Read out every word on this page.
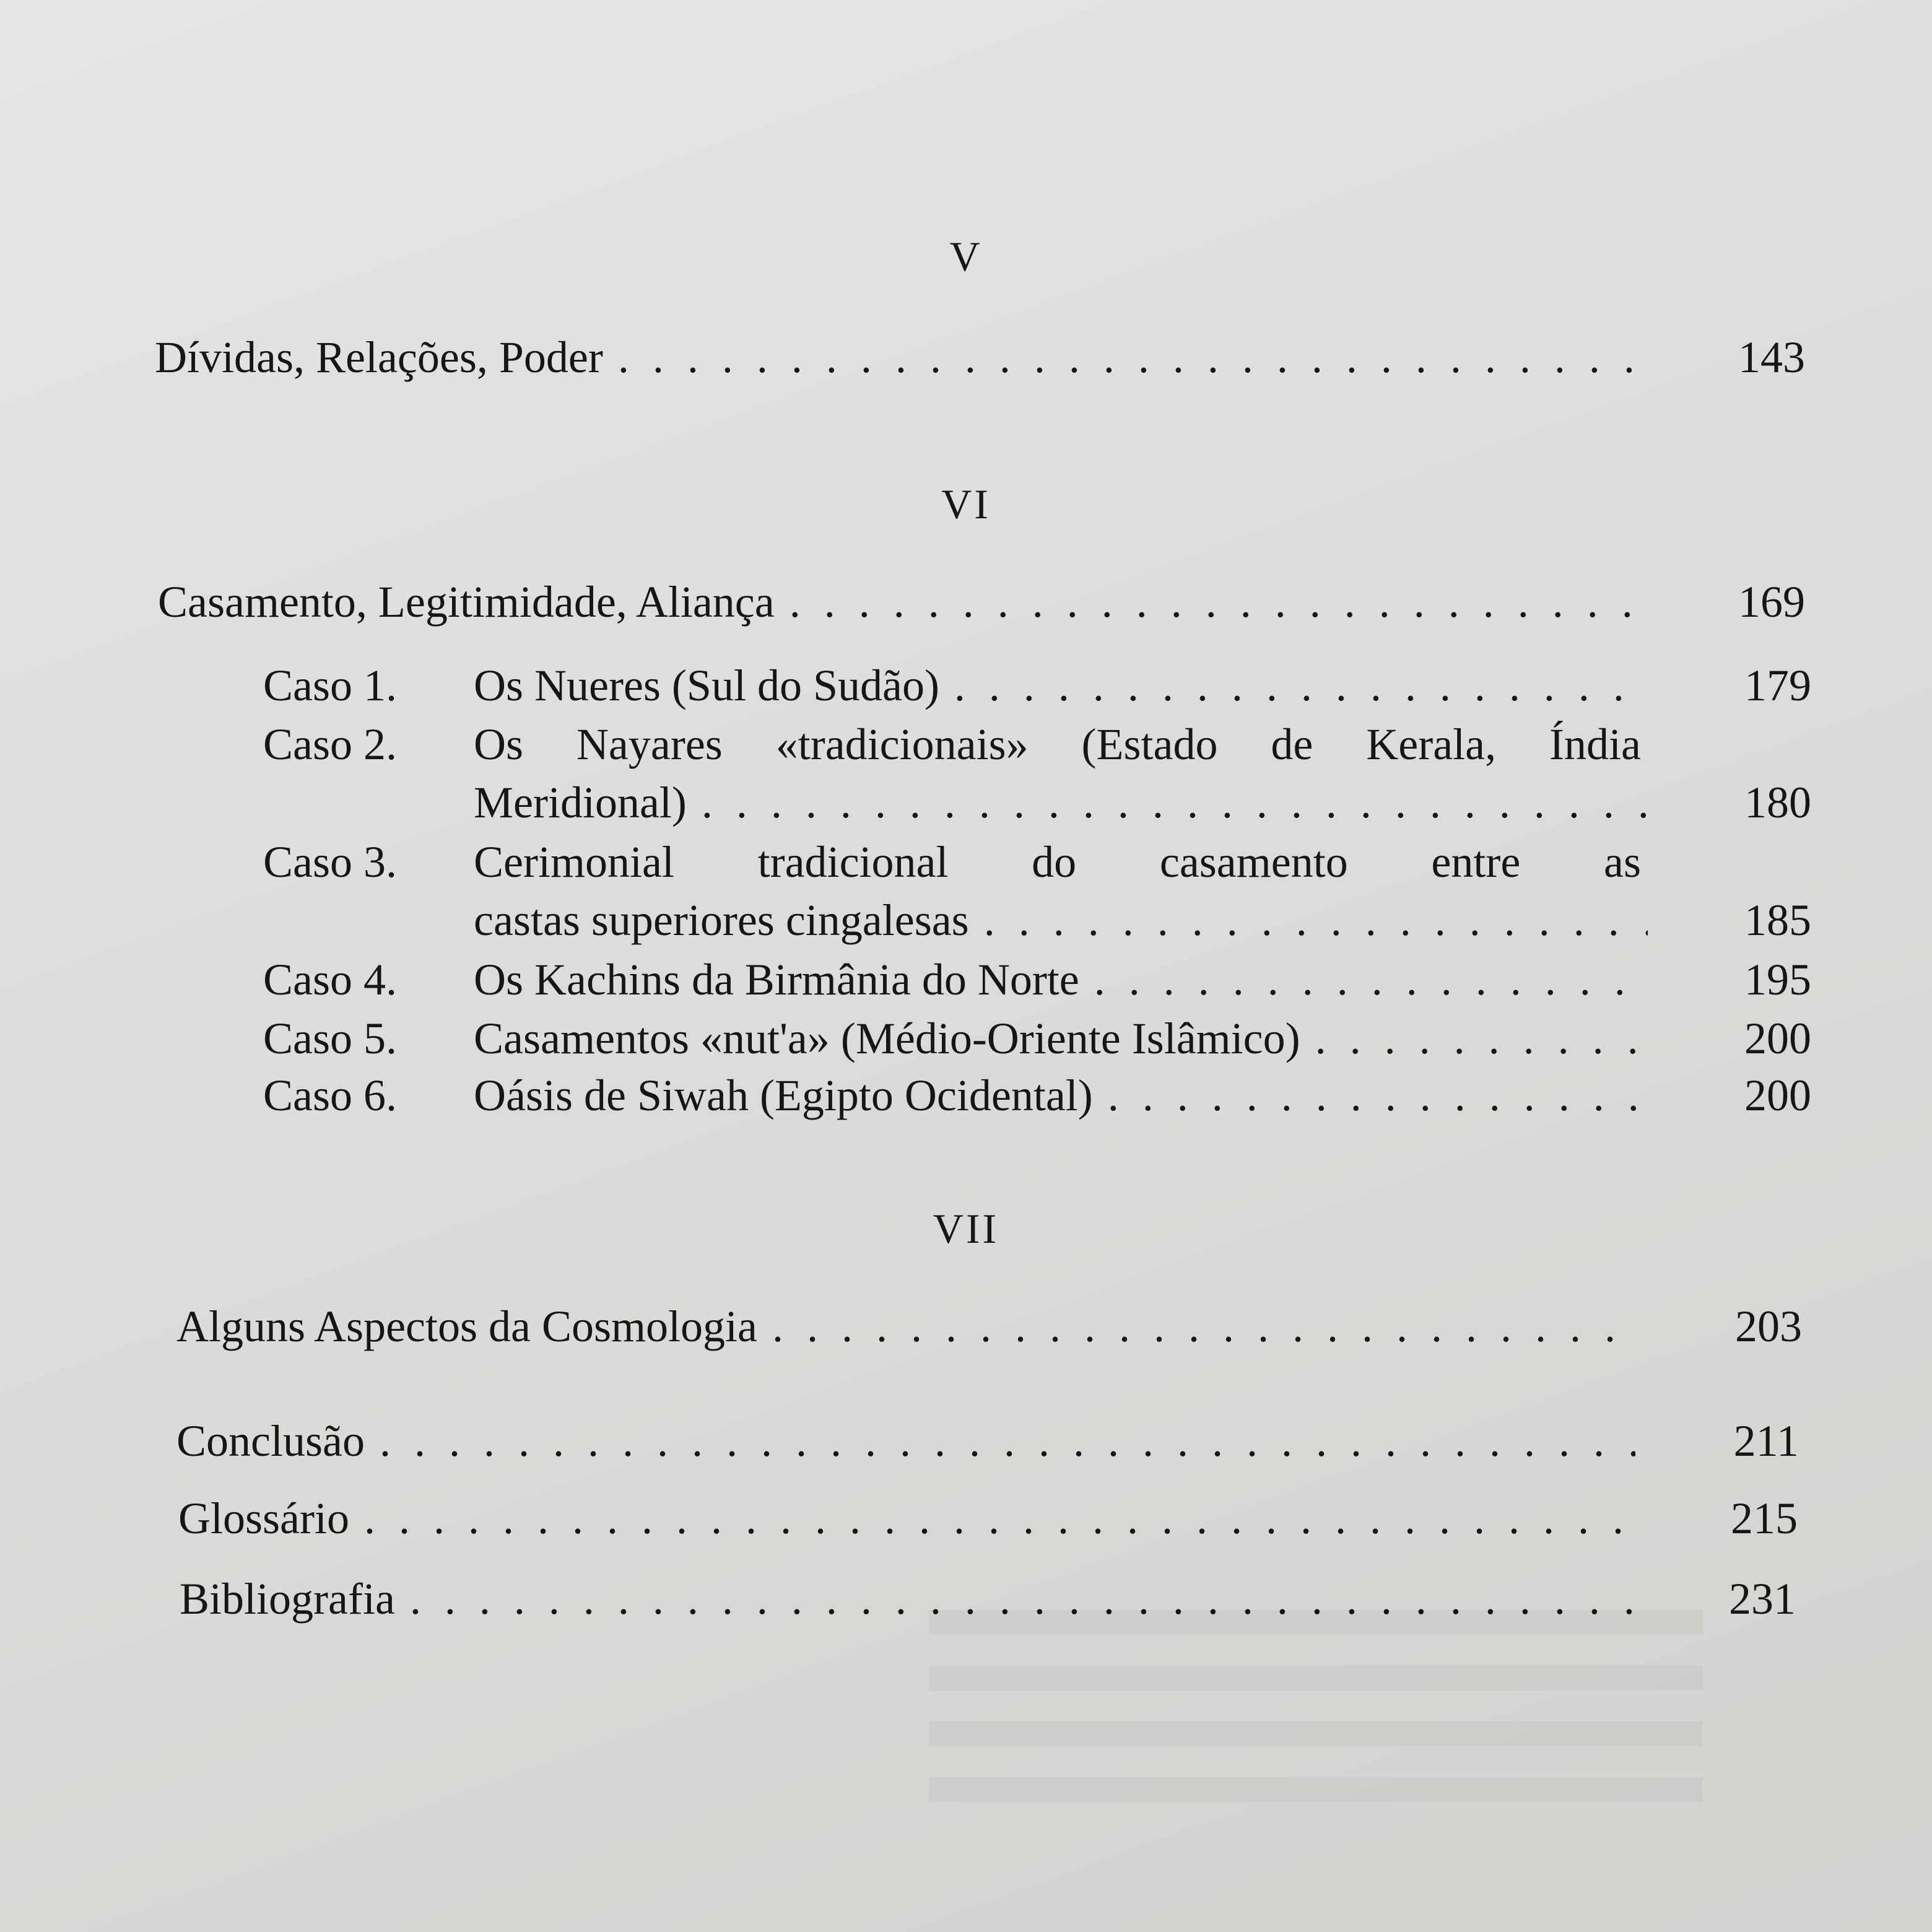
V
Dívidas, Relações, Poder . . .	143
VI
Casamento, Legitimidade, Aliança . . .	169
Caso 1. Os Nueres (Sul do Sudão) . . .	179
Caso 2. Os Nayares «tradicionais» (Estado de Kerala, Índia
Meridional) . . .	180
Caso 3. Cerimonial tradicional do casamento entre as
castas superiores cingalesas . . .	185
Caso 4. Os Kachins da Birmânia do Norte . . .	195
Caso 5. Casamentos «nut'a» (Médio-Oriente Islâmico) . . .	200
Caso 6. Oásis de Siwah (Egipto Ocidental) . . .	200
VII
Alguns Aspectos da Cosmologia . . .	203
Conclusão . . .	211
Glossário . . .	215
Bibliografia . . .	231
